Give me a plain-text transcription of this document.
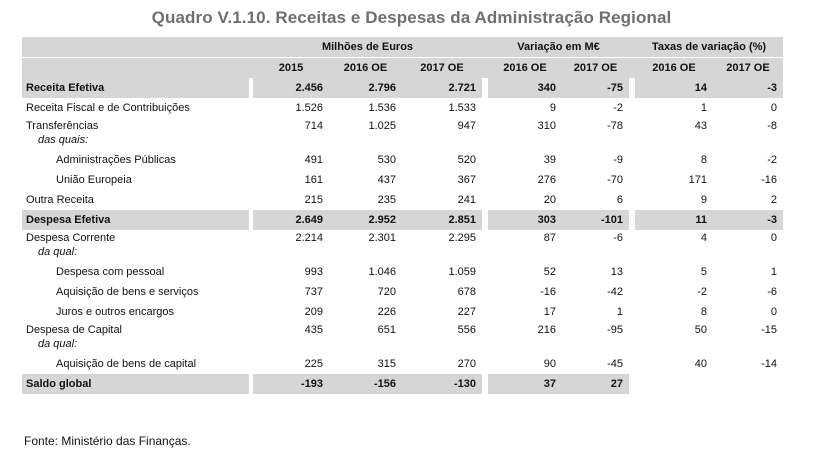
Quadro V.1.10. Receitas e Despesas da Administração Regional
		Milhões de Euros				Variação em M€			Taxas de variação (%)	
		2015	2016 OE	2017 OE		2016 OE	2017 OE		2016 OE	2017 OE
Receita Efetiva		2.456	2.796	2.721		340	-75		14	-3
Receita Fiscal e de Contribuições		1.526	1.536	1.533		9	-2		1	0

Transferências
das quais:		714	1.025	947		310	-78		43	-8
Administrações Públicas		491	530	520		39	-9		8	-2
União Europeia		161	437	367		276	-70		171	-16
Outra Receita		215	235	241		20	6		9	2
Despesa Efetiva		2.649	2.952	2.851		303	-101		11	-3

Despesa Corrente
da qual:		2.214	2.301	2.295		87	-6		4	0
Despesa com pessoal		993	1.046	1.059		52	13		5	1
Aquisição de bens e serviços		737	720	678		-16	-42		-2	-6
Juros e outros encargos		209	226	227		17	1		8	0

Despesa de Capital
da qual:		435	651	556		216	-95		50	-15
Aquisição de bens de capital		225	315	270		90	-45		40	-14
Saldo global		-193	-156	-130		37	27			
Fonte: Ministério das Finanças.
